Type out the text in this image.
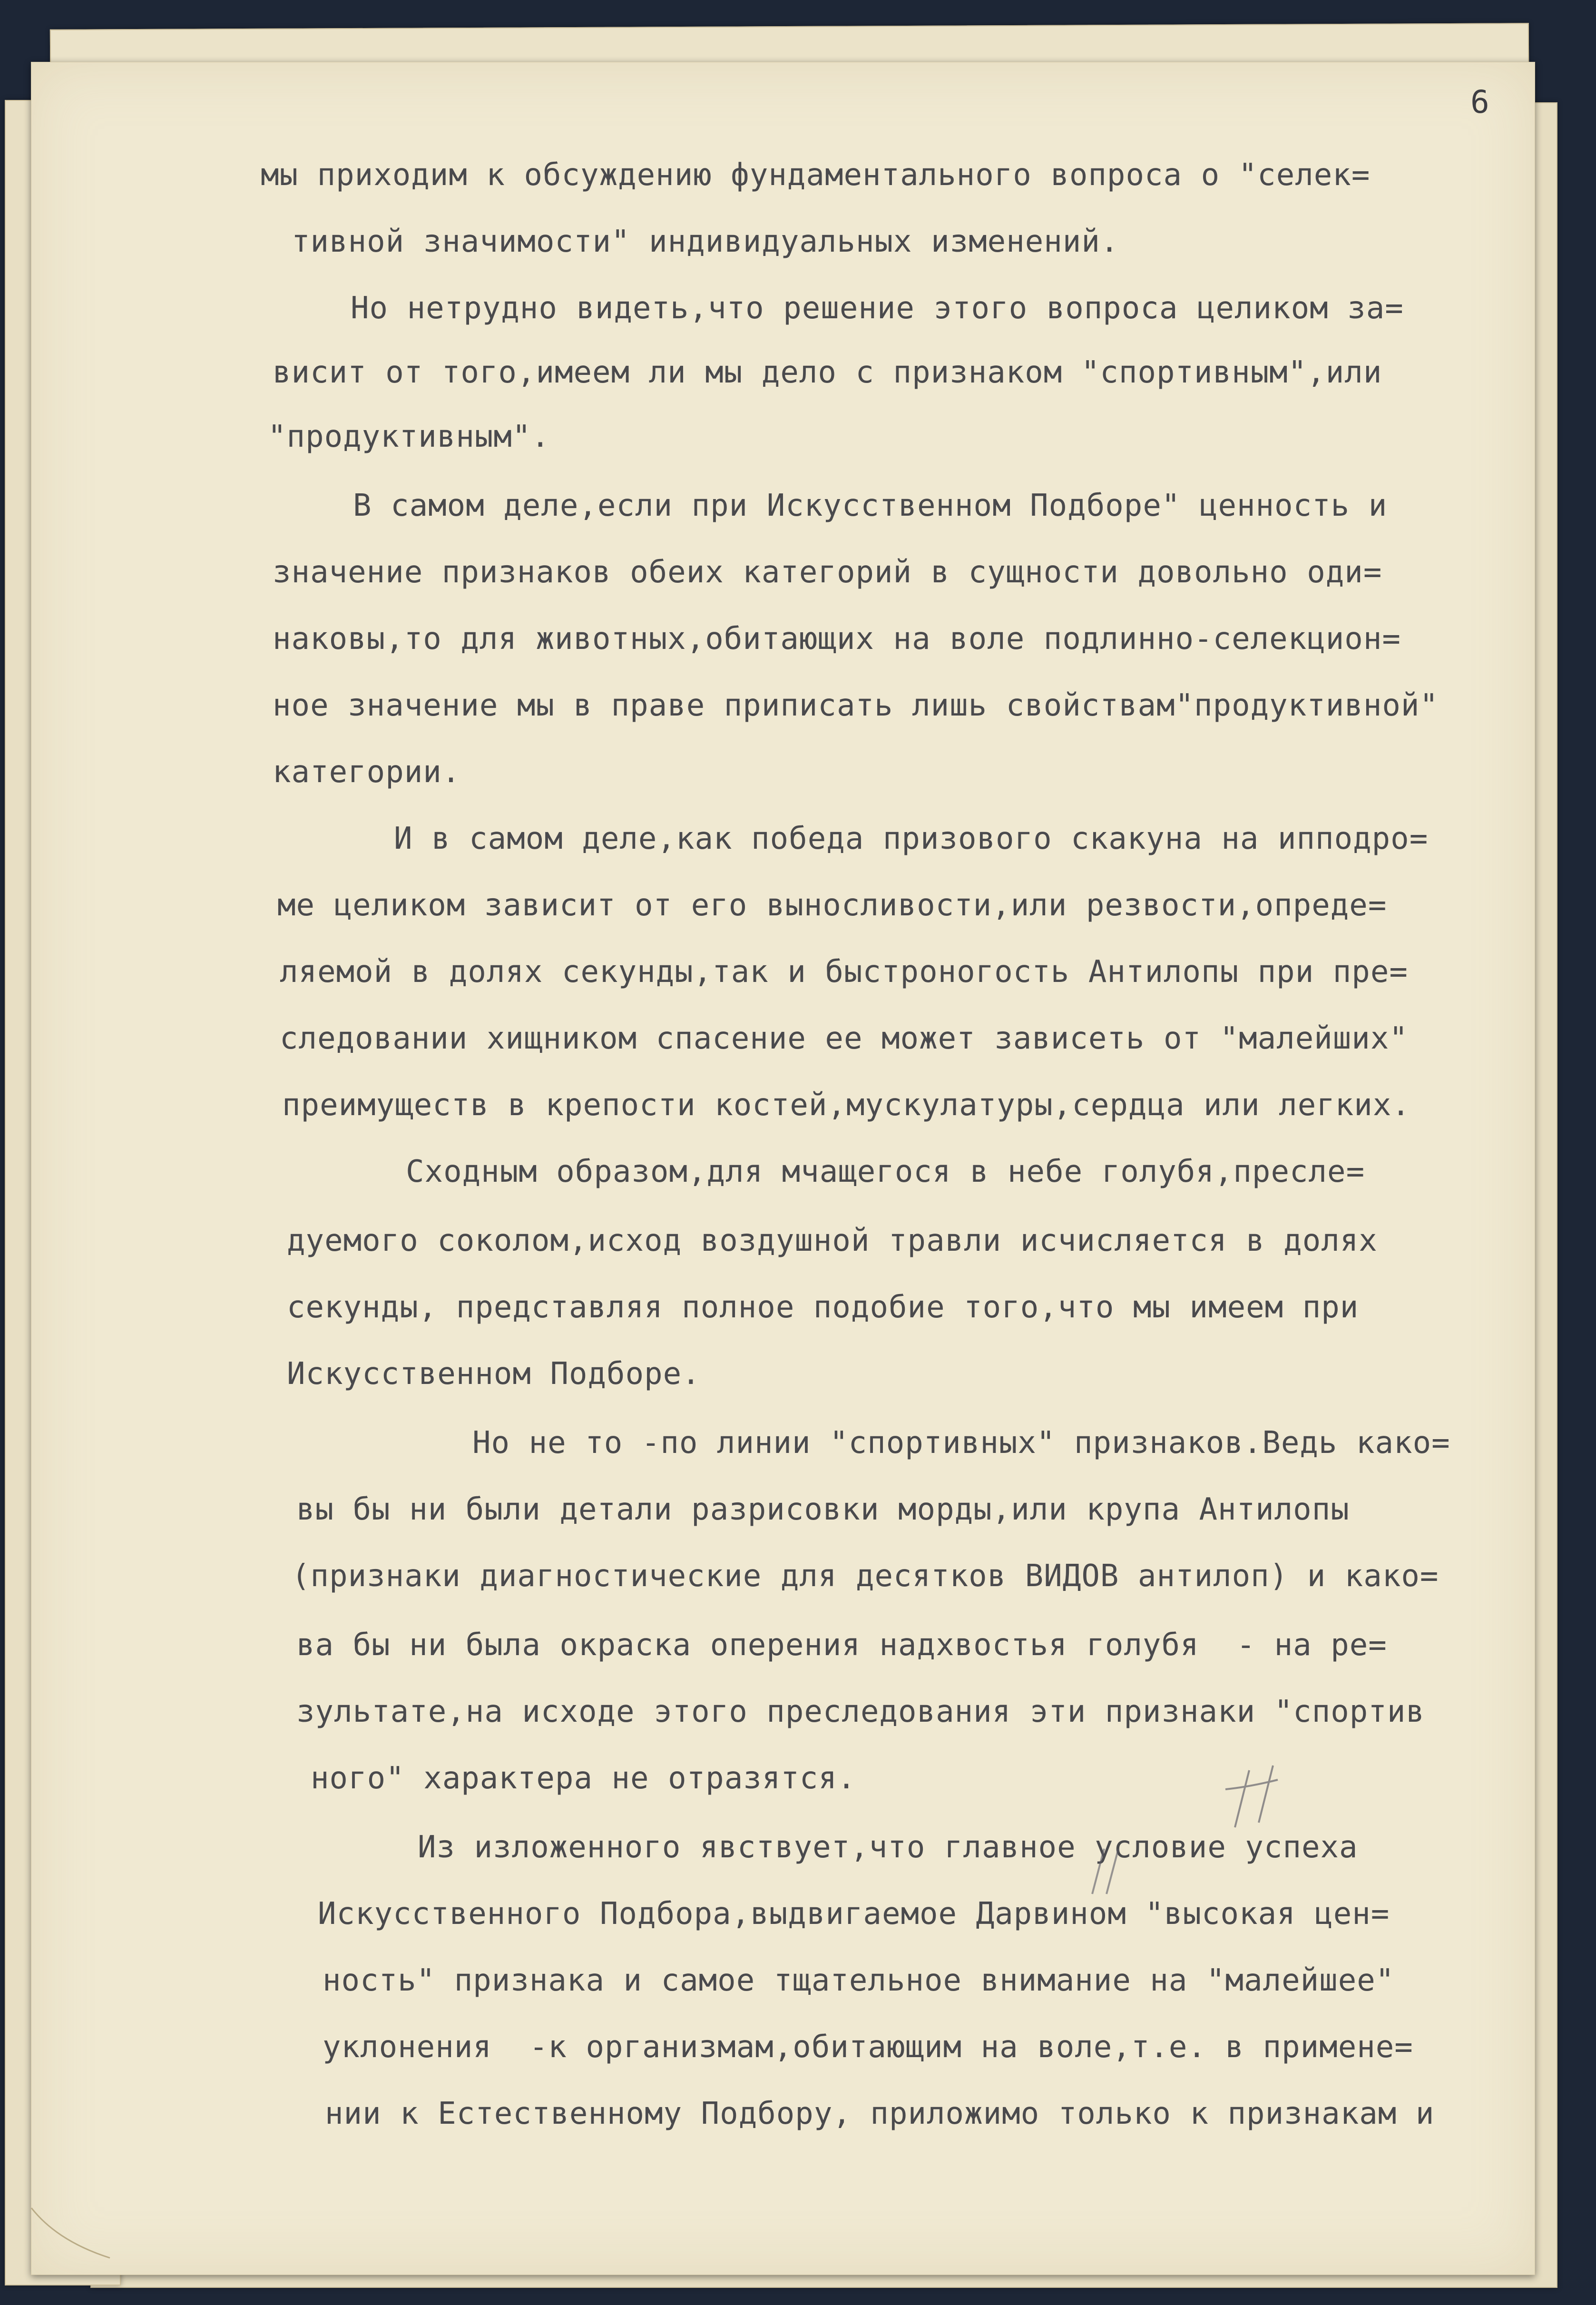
6
мы приходим к обсуждению фундаментального вопроса о "селек=
тивной значимости" индивидуальных изменений.
Но нетрудно видеть,что решение этого вопроса целиком за=
висит от того,имеем ли мы дело с признаком "спортивным",или
"продуктивным".
В самом деле,если при Искусственном Подборе" ценность и
значение признаков обеих категорий в сущности довольно оди=
наковы,то для животных,обитающих на воле подлинно-селекцион=
ное значение мы в праве приписать лишь свойствам"продуктивной"
категории.
И в самом деле,как победа призового скакуна на ипподро=
ме целиком зависит от его выносливости,или резвости,опреде=
ляемой в долях секунды,так и быстроногость Антилопы при пре=
следовании хищником спасение ее может зависеть от "малейших"
преимуществ в крепости костей,мускулатуры,сердца или легких.
Сходным образом,для мчащегося в небе голубя,пресле=
дуемого соколом,исход воздушной травли исчисляется в долях
секунды, представляя полное подобие того,что мы имеем при
Искусственном Подборе.
Но не то -по линии "спортивных" признаков.Ведь како=
вы бы ни были детали разрисовки морды,или крупа Антилопы
(признаки диагностические для десятков ВИДОВ антилоп) и како=
ва бы ни была окраска оперения надхвостья голубя  - на ре=
зультате,на исходе этого преследования эти признаки "спортив
ного" характера не отразятся.
Из изложенного явствует,что главное условие успеха
Искусственного Подбора,выдвигаемое Дарвином "высокая цен=
ность" признака и самое тщательное внимание на "малейшее"
уклонения  -к организмам,обитающим на воле,т.е. в примене=
нии к Естественному Подбору, приложимо только к признакам и
